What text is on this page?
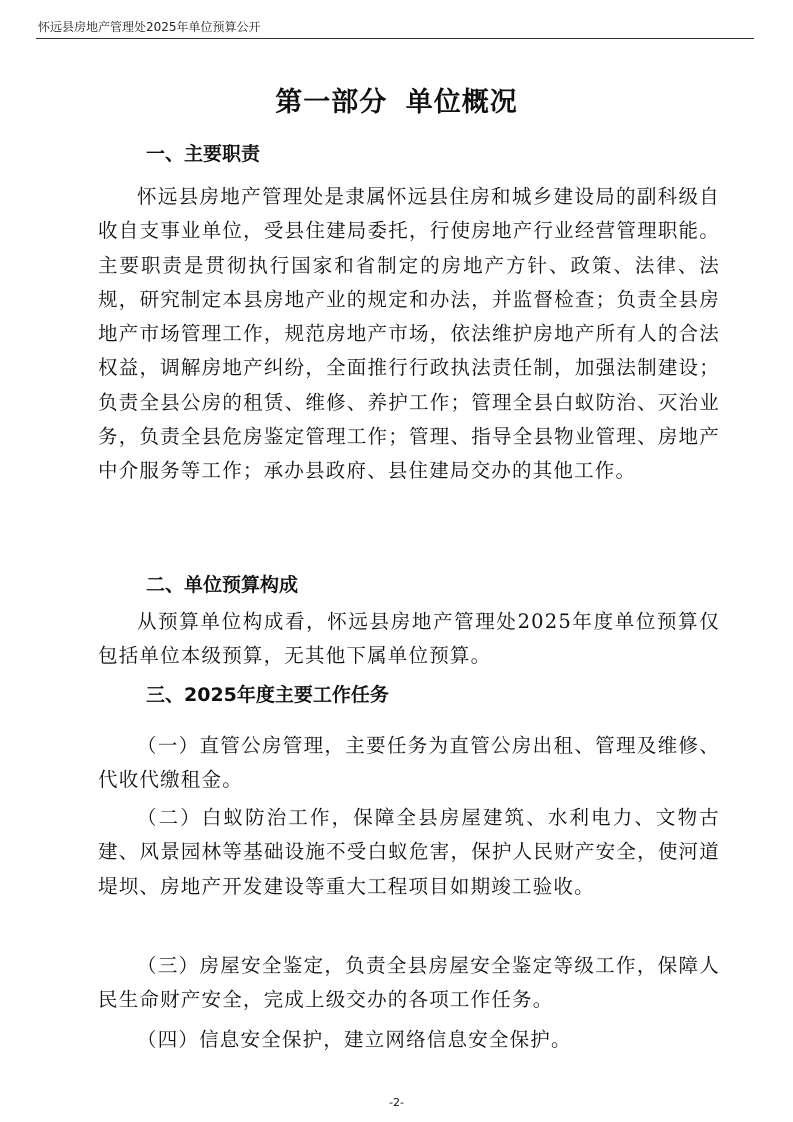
怀远县房地产管理处2025年单位预算公开
第一部分 单位概况
一、主要职责
怀远县房地产管理处是隶属怀远县住房和城乡建设局的副科级自收自支事业单位，受县住建局委托，行使房地产行业经营管理职能。主要职责是贯彻执行国家和省制定的房地产方针、政策、法律、法规，研究制定本县房地产业的规定和办法，并监督检查；负责全县房地产市场管理工作，规范房地产市场，依法维护房地产所有人的合法权益，调解房地产纠纷，全面推行行政执法责任制，加强法制建设；负责全县公房的租赁、维修、养护工作；管理全县白蚁防治、灭治业务，负责全县危房鉴定管理工作；管理、指导全县物业管理、房地产中介服务等工作；承办县政府、县住建局交办的其他工作。
二、单位预算构成
从预算单位构成看，怀远县房地产管理处2025年度单位预算仅包括单位本级预算，无其他下属单位预算。
三、2025年度主要工作任务
（一）直管公房管理，主要任务为直管公房出租、管理及维修、代收代缴租金。
（二）白蚁防治工作，保障全县房屋建筑、水利电力、文物古建、风景园林等基础设施不受白蚁危害，保护人民财产安全，使河道堤坝、房地产开发建设等重大工程项目如期竣工验收。
（三）房屋安全鉴定，负责全县房屋安全鉴定等级工作，保障人民生命财产安全，完成上级交办的各项工作任务。
（四）信息安全保护，建立网络信息安全保护。
-2-
